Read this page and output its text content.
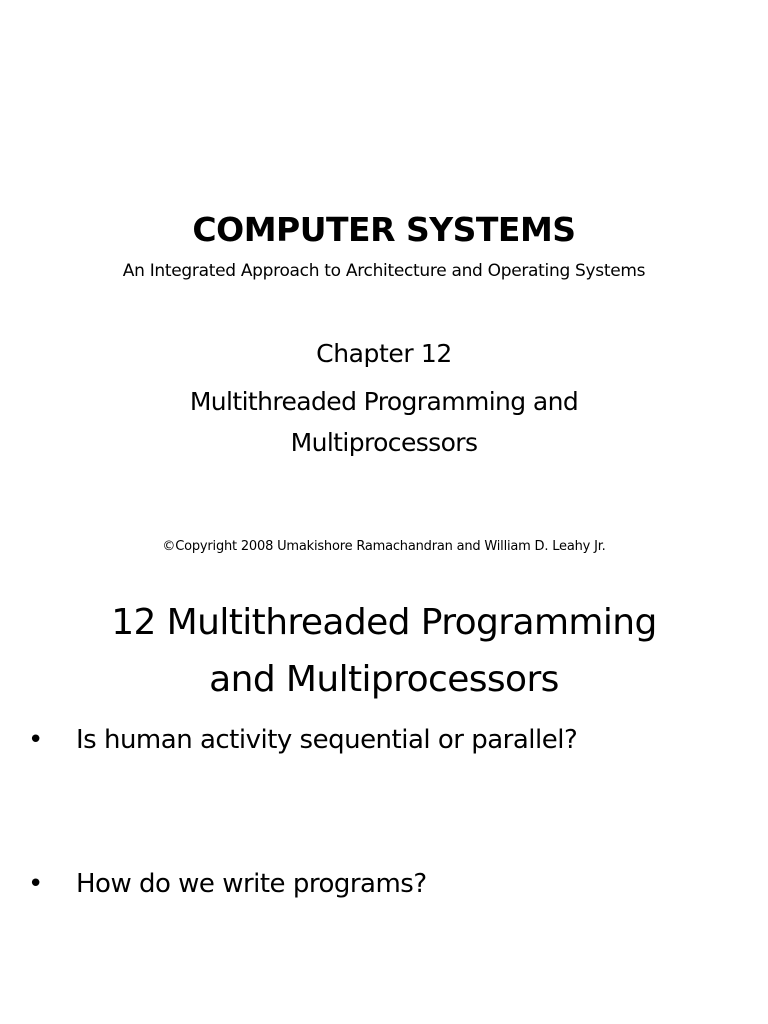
COMPUTER SYSTEMS
An Integrated Approach to Architecture and Operating Systems
Chapter 12
Multithreaded Programming and
Multiprocessors
©Copyright 2008 Umakishore Ramachandran and William D. Leahy Jr.
12 Multithreaded Programming
and Multiprocessors
• Is human activity sequential or parallel?
• How do we write programs?
